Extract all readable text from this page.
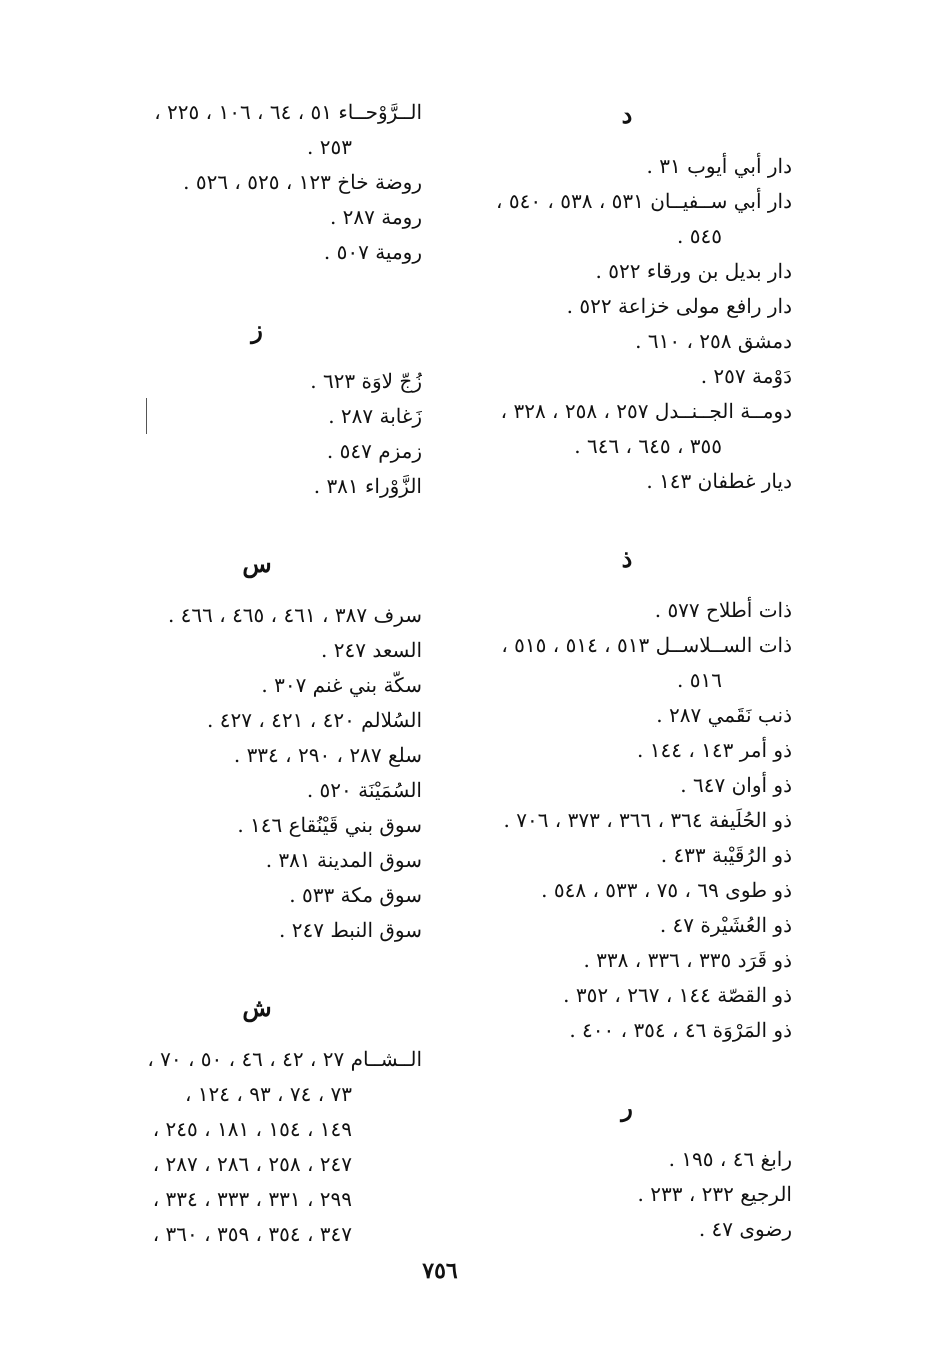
د
دار أبي أيوب ٣١ .
دار أبي ســفيــان ٥٣١ ، ٥٣٨ ، ٥٤٠ ،
٥٤٥ .
دار بديل بن ورقاء ٥٢٢ .
دار رافع مولى خزاعة ٥٢٢ .
دمشق ٢٥٨ ، ٦١٠ .
دَوْمة ٢٥٧ .
دومــة الجــنــدل ٢٥٧ ، ٢٥٨ ، ٣٢٨ ،
٣٥٥ ، ٦٤٥ ، ٦٤٦ .
ديار غطفان ١٤٣ .
ذ
ذات أطلاح ٥٧٧ .
ذات الســلاســل ٥١٣ ، ٥١٤ ، ٥١٥ ،
٥١٦ .
ذنب نَقَمي ٢٨٧ .
ذو أمر ١٤٣ ، ١٤٤ .
ذو أوان ٦٤٧ .
ذو الحُلَيفة ٣٦٤ ، ٣٦٦ ، ٣٧٣ ، ٧٠٦ .
ذو الرُقَيْبة ٤٣٣ .
ذو طوى ٦٩ ، ٧٥ ، ٥٣٣ ، ٥٤٨ .
ذو العُشَيْرة ٤٧ .
ذو قَرَد ٣٣٥ ، ٣٣٦ ، ٣٣٨ .
ذو القصّة ١٤٤ ، ٢٦٧ ، ٣٥٢ .
ذو المَرْوَة ٤٦ ، ٣٥٤ ، ٤٠٠ .
ر
رابغ ٤٦ ، ١٩٥ .
الرجيع ٢٣٢ ، ٢٣٣ .
رضوى ٤٧ .
الــرَّوْحــاء ٥١ ، ٦٤ ، ١٠٦ ، ٢٢٥ ،
٢٥٣ .
روضة خاخ ١٢٣ ، ٥٢٥ ، ٥٢٦ .
رومة ٢٨٧ .
رومية ٥٠٧ .
ز
زُجّ لاوَة ٦٢٣ .
زَغابة ٢٨٧ .
زمزم ٥٤٧ .
الزَّوْراء ٣٨١ .
س
سرف ٣٨٧ ، ٤٦١ ، ٤٦٥ ، ٤٦٦ .
السعد ٢٤٧ .
سكّة بني غنم ٣٠٧ .
السُلالم ٤٢٠ ، ٤٢١ ، ٤٢٧ .
سلع ٢٨٧ ، ٢٩٠ ، ٣٣٤ .
السُمَيْنَة ٥٢٠ .
سوق بني قَيْنُقاع ١٤٦ .
سوق المدينة ٣٨١ .
سوق مكة ٥٣٣ .
سوق النبط ٢٤٧ .
ش
الــشــام ٢٧ ، ٤٢ ، ٤٦ ، ٥٠ ، ٧٠ ،
٧٣ ، ٧٤ ، ٩٣ ، ١٢٤ ،
١٤٩ ، ١٥٤ ، ١٨١ ، ٢٤٥ ،
٢٤٧ ، ٢٥٨ ، ٢٨٦ ، ٢٨٧ ،
٢٩٩ ، ٣٣١ ، ٣٣٣ ، ٣٣٤ ،
٣٤٧ ، ٣٥٤ ، ٣٥٩ ، ٣٦٠ ،
٧٥٦
